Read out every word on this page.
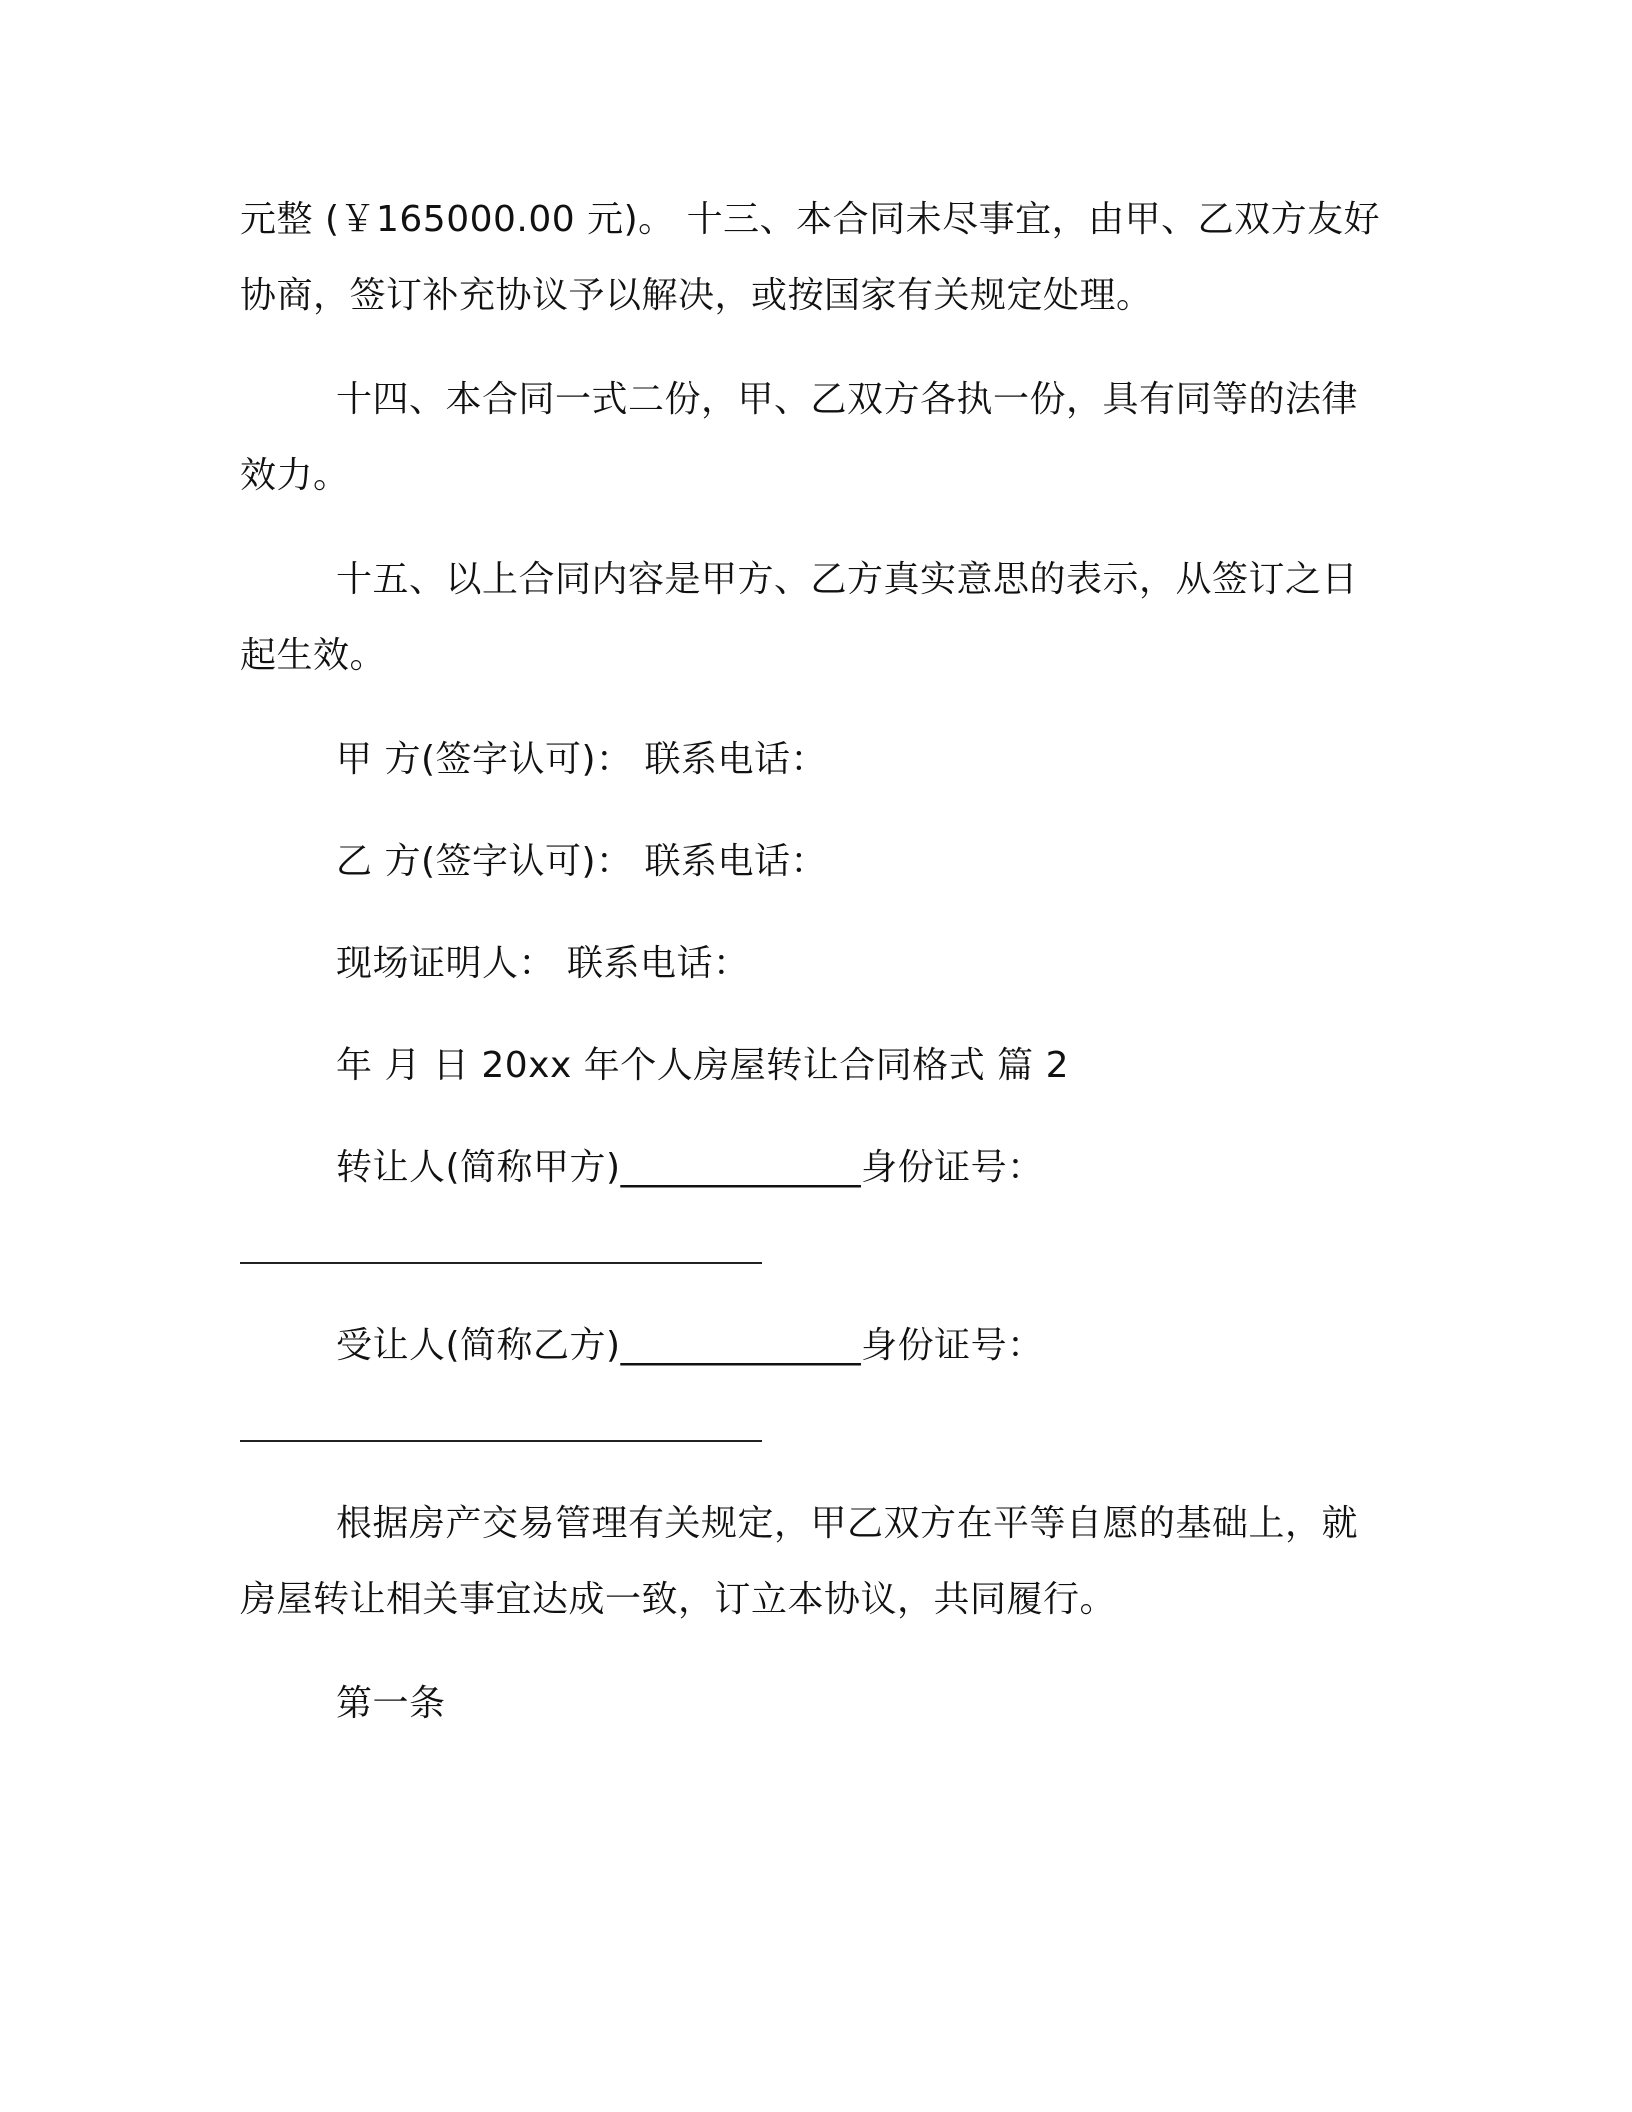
元整 (￥165000.00 元)。 十三、本合同未尽事宜，由甲、乙双方友好
协商，签订补充协议予以解决，或按国家有关规定处理。
十四、本合同一式二份，甲、乙双方各执一份，具有同等的法律
效力。
十五、以上合同内容是甲方、乙方真实意思的表示，从签订之日
起生效。
甲 方(签字认可)： 联系电话：
乙 方(签字认可)： 联系电话：
现场证明人： 联系电话：
年 月 日 20xx 年个人房屋转让合同格式 篇 2
转让人(简称甲方)_____________身份证号：
受让人(简称乙方)_____________身份证号：
根据房产交易管理有关规定，甲乙双方在平等自愿的基础上，就
房屋转让相关事宜达成一致，订立本协议，共同履行。
第一条
